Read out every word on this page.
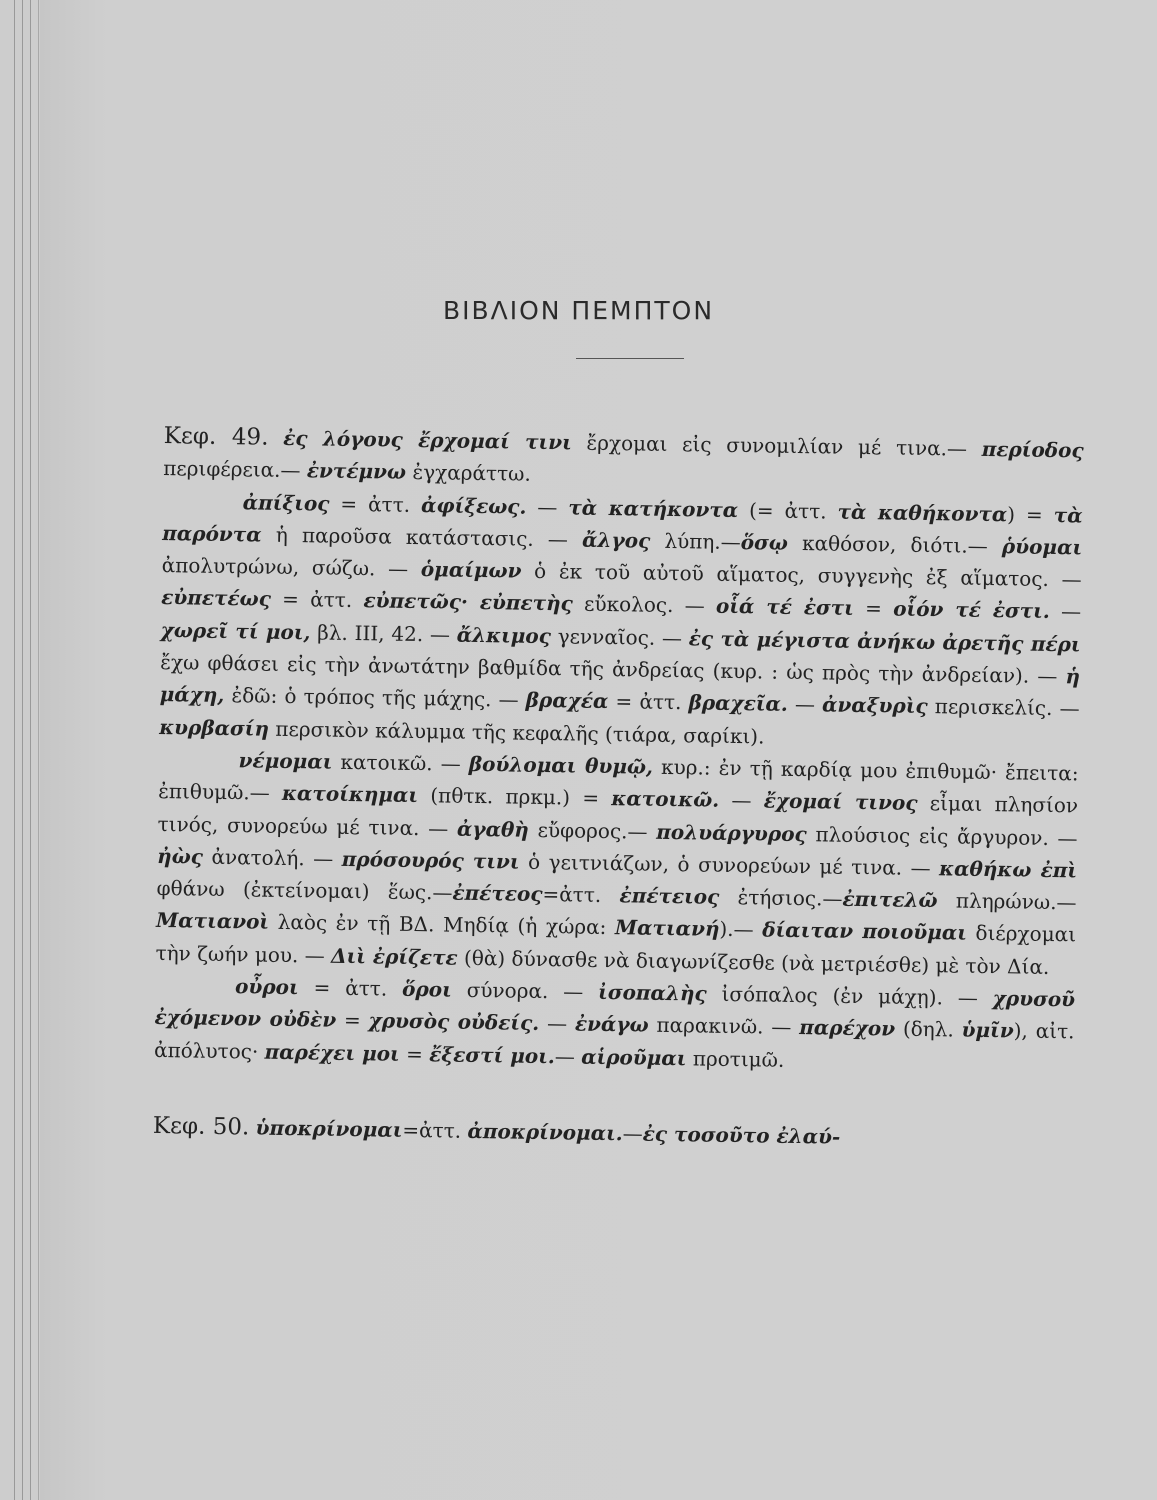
ΒΙΒΛΙΟΝ ΠΕΜΠΤΟΝ

Κεφ. 49. ἐς λόγους ἔρχομαί τινι ἔρχομαι εἰς συνομιλίαν μέ τινα.— περίοδος περιφέρεια.— ἐντέμνω ἐγχαράττω.

ἀπίξιος = ἀττ. ἀφίξεως. — τὰ κατήκοντα (= ἀττ. τὰ καθήκοντα) = τὰ παρόντα ἡ παροῦσα κατάστασις. — ἄλγος λύπη.—ὅσῳ καθόσον, διότι.— ῥύομαι ἀπολυτρώνω, σώζω. — ὁμαίμων ὁ ἐκ τοῦ αὐτοῦ αἵματος, συγγενὴς ἐξ αἵματος. — εὐπετέως = ἀττ. εὐπετῶς· εὐπετὴς εὔκολος. — οἷά τέ ἐστι = οἷόν τέ ἐστι. — χωρεῖ τί μοι, βλ. III, 42. — ἄλκιμος γενναῖος. — ἐς τὰ μέγιστα ἀνήκω ἀρετῆς πέρι ἔχω φθάσει εἰς τὴν ἀνωτάτην βαθμίδα τῆς ἀνδρείας (κυρ. : ὡς πρὸς τὴν ἀνδρείαν). — ἡ μάχη, ἐδῶ: ὁ τρόπος τῆς μάχης. — βραχέα = ἀττ. βραχεῖα. — ἀναξυρὶς περισκελίς. — κυρβασίη περσικὸν κάλυμμα τῆς κεφαλῆς (τιάρα, σαρίκι).

νέμομαι κατοικῶ. — βούλομαι θυμῷ, κυρ.: ἐν τῇ καρδίᾳ μου ἐπιθυμῶ· ἔπειτα: ἐπιθυμῶ.— κατοίκημαι (πθτκ. πρκμ.) = κατοικῶ. — ἔχομαί τινος εἶμαι πλησίον τινός, συνορεύω μέ τινα. — ἀγαθὴ εὔφορος.— πολυάργυρος πλούσιος εἰς ἄργυρον. — ἠὼς ἀνατολή. — πρόσουρός τινι ὁ γειτνιάζων, ὁ συνορεύων μέ τινα. — καθήκω ἐπὶ φθάνω (ἐκτείνομαι) ἕως.—ἐπέτεος=ἀττ. ἐπέτειος ἐτήσιος.—ἐπιτελῶ πληρώνω.— Ματιανοὶ λαὸς ἐν τῇ ΒΔ. Μηδίᾳ (ἡ χώρα: Ματιανή).— δίαιταν ποιοῦμαι διέρχομαι τὴν ζωήν μου. — Διὶ ἐρίζετε (θὰ) δύνασθε νὰ διαγωνίζεσθε (νὰ μετριέσθε) μὲ τὸν Δία.

οὖροι = ἀττ. ὅροι σύνορα. — ἰσοπαλὴς ἰσόπαλος (ἐν μάχῃ). — χρυσοῦ ἐχόμενον οὐδὲν = χρυσὸς οὐδείς. — ἐνάγω παρακινῶ. — παρέχον (δηλ. ὑμῖν), αἰτ. ἀπόλυτος· παρέχει μοι = ἔξεστί μοι.— αἱροῦμαι προτιμῶ.

Κεφ. 50. ὑποκρίνομαι=ἀττ. ἀποκρίνομαι.—ἐς τοσοῦτο ἐλαύ-
